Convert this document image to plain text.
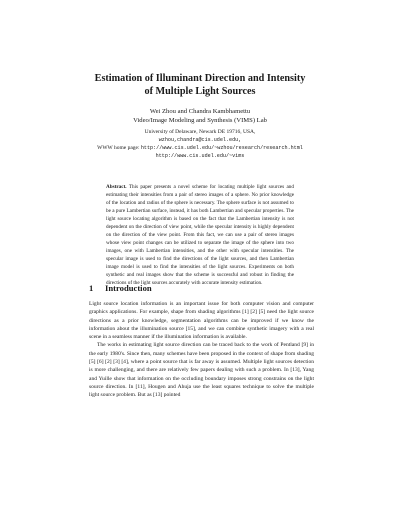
Estimation of Illuminant Direction and Intensity
of Multiple Light Sources
Wei Zhou and Chandra Kambhamettu
Video/Image Modeling and Synthesis (VIMS) Lab
University of Delaware, Newark DE 19716, USA,
wzhou,chandra@cis.udel.edu,
WWW home page: http://www.cis.udel.edu/~wzhou/research/research.html
http://www.cis.udel.edu/~vims
Abstract. This paper presents a novel scheme for locating multiple light sources and estimating their intensities from a pair of stereo images of a sphere. No prior knowledge of the location and radius of the sphere is necessary. The sphere surface is not assumed to be a pure Lambertian surface, instead, it has both Lambertian and specular properties. The light source locating algorithm is based on the fact that the Lambertian intensity is not dependent on the direction of view point, while the specular intensity is highly dependent on the direction of the view point. From this fact, we can use a pair of stereo images whose view point changes can be utilized to separate the image of the sphere into two images, one with Lambertian intensities, and the other with specular intensities. The specular image is used to find the directions of the light sources, and then Lambertian image model is used to find the intensities of the light sources. Experiments on both synthetic and real images show that the scheme is successful and robust in finding the directions of the light sources accurately with accurate intensity estimation.
1 Introduction

Light source location information is an important issue for both computer vision and computer graphics applications. For example, shape from shading algorithms [1] [2] [5] need the light source directions as a prior knowledge, segmentation algorithms can be improved if we know the information about the illumination source [15], and we can combine synthetic imagery with a real scene in a seamless manner if the illumination information is available.

The works in estimating light source direction can be traced back to the work of Pentland [9] in the early 1980's. Since then, many schemes have been proposed in the context of shape from shading [5] [6] [2] [3] [4], where a point source that is far away is assumed. Multiple light sources detection is more challenging, and there are relatively few papers dealing with such a problem. In [13], Yang and Yuille show that information on the occluding boundary imposes strong constrains on the light source direction. In [11], Hougen and Ahuja use the least squares technique to solve the multiple light source problem. But as [13] pointed
